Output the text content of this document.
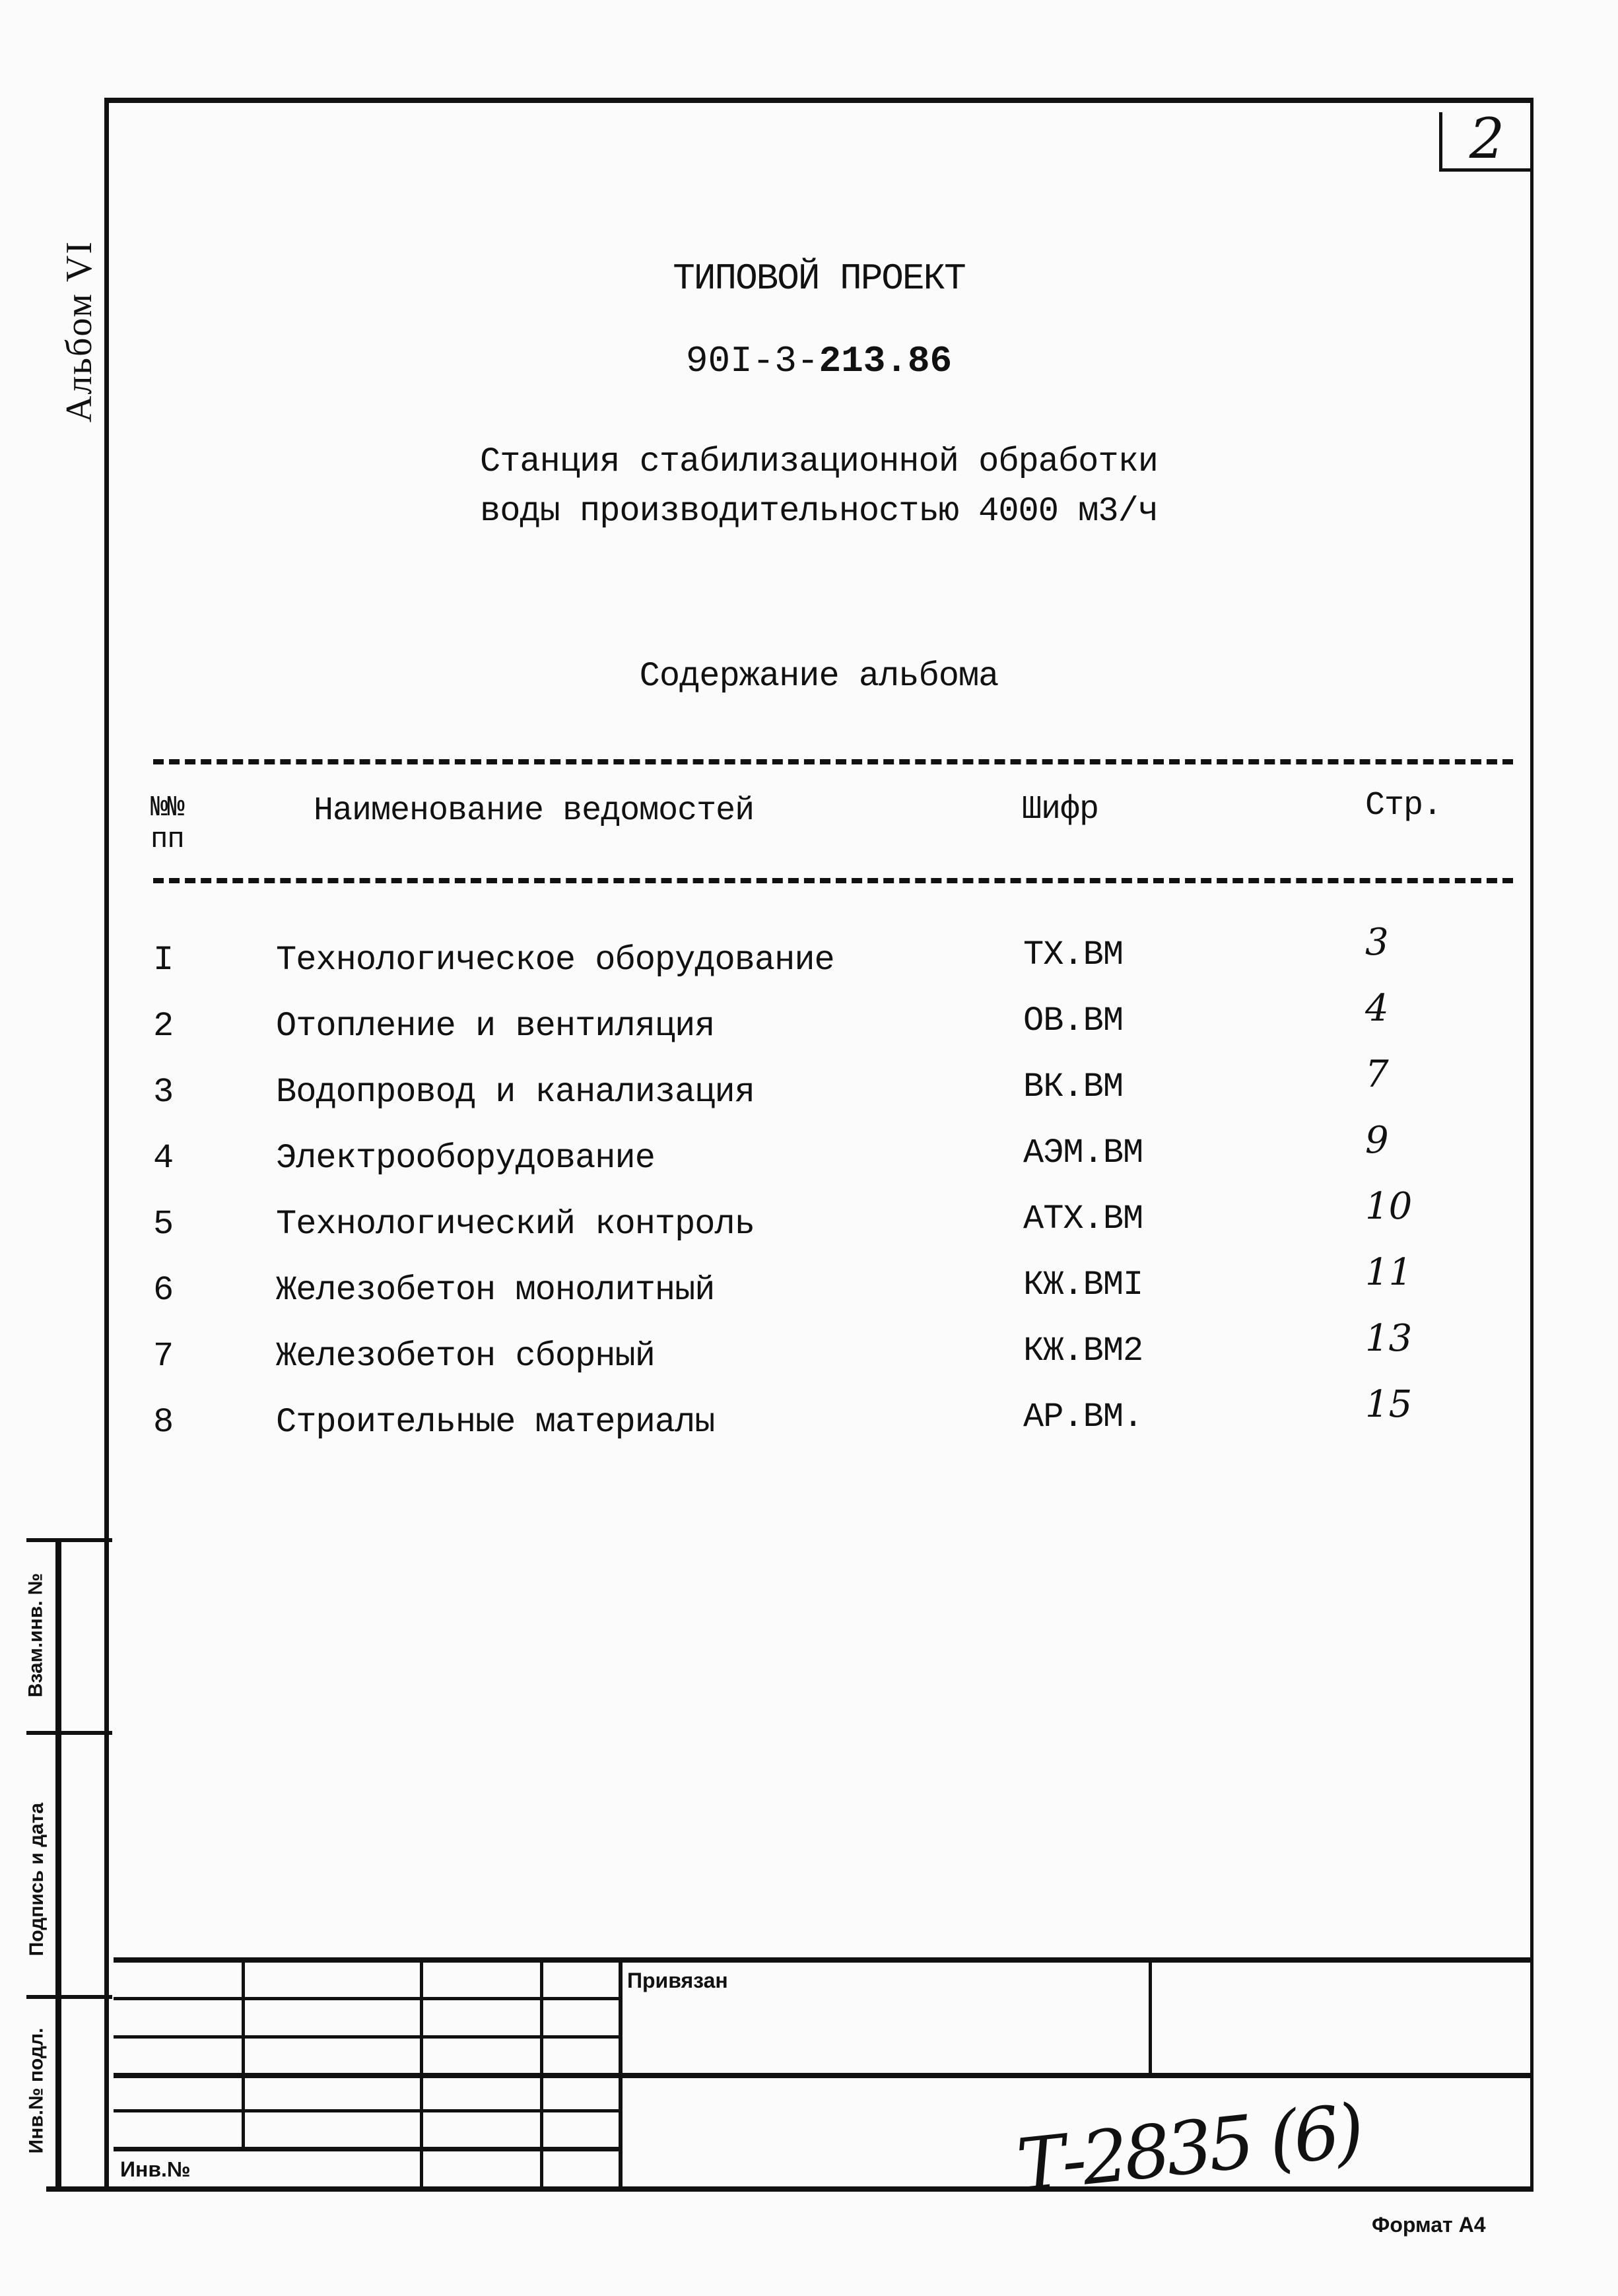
Альбом VI
2
ТИПОВОЙ ПРОЕКТ
90I-3-213.86
Станция стабилизационной обработки
воды производительностью 4000 м3/ч
Содержание альбома
№№
пп
Наименование ведомостей	Шифр	Стр.
I	Технологическое оборудование	ТХ.ВМ	3
2	Отопление и вентиляция	ОВ.ВМ	4
3	Водопровод и канализация	ВК.ВМ	7
4	Электрооборудование	АЭМ.ВМ	9
5	Технологический контроль	АТХ.ВМ	10
6	Железобетон монолитный	КЖ.ВМI	11
7	Железобетон сборный	КЖ.ВМ2	13
8	Строительные материалы	АР.ВМ.	15
Взам.инв. №
Подпись и дата
Инв.№ подл.
Инв.№
Привязан
Т-2835 (6)
Формат А4
